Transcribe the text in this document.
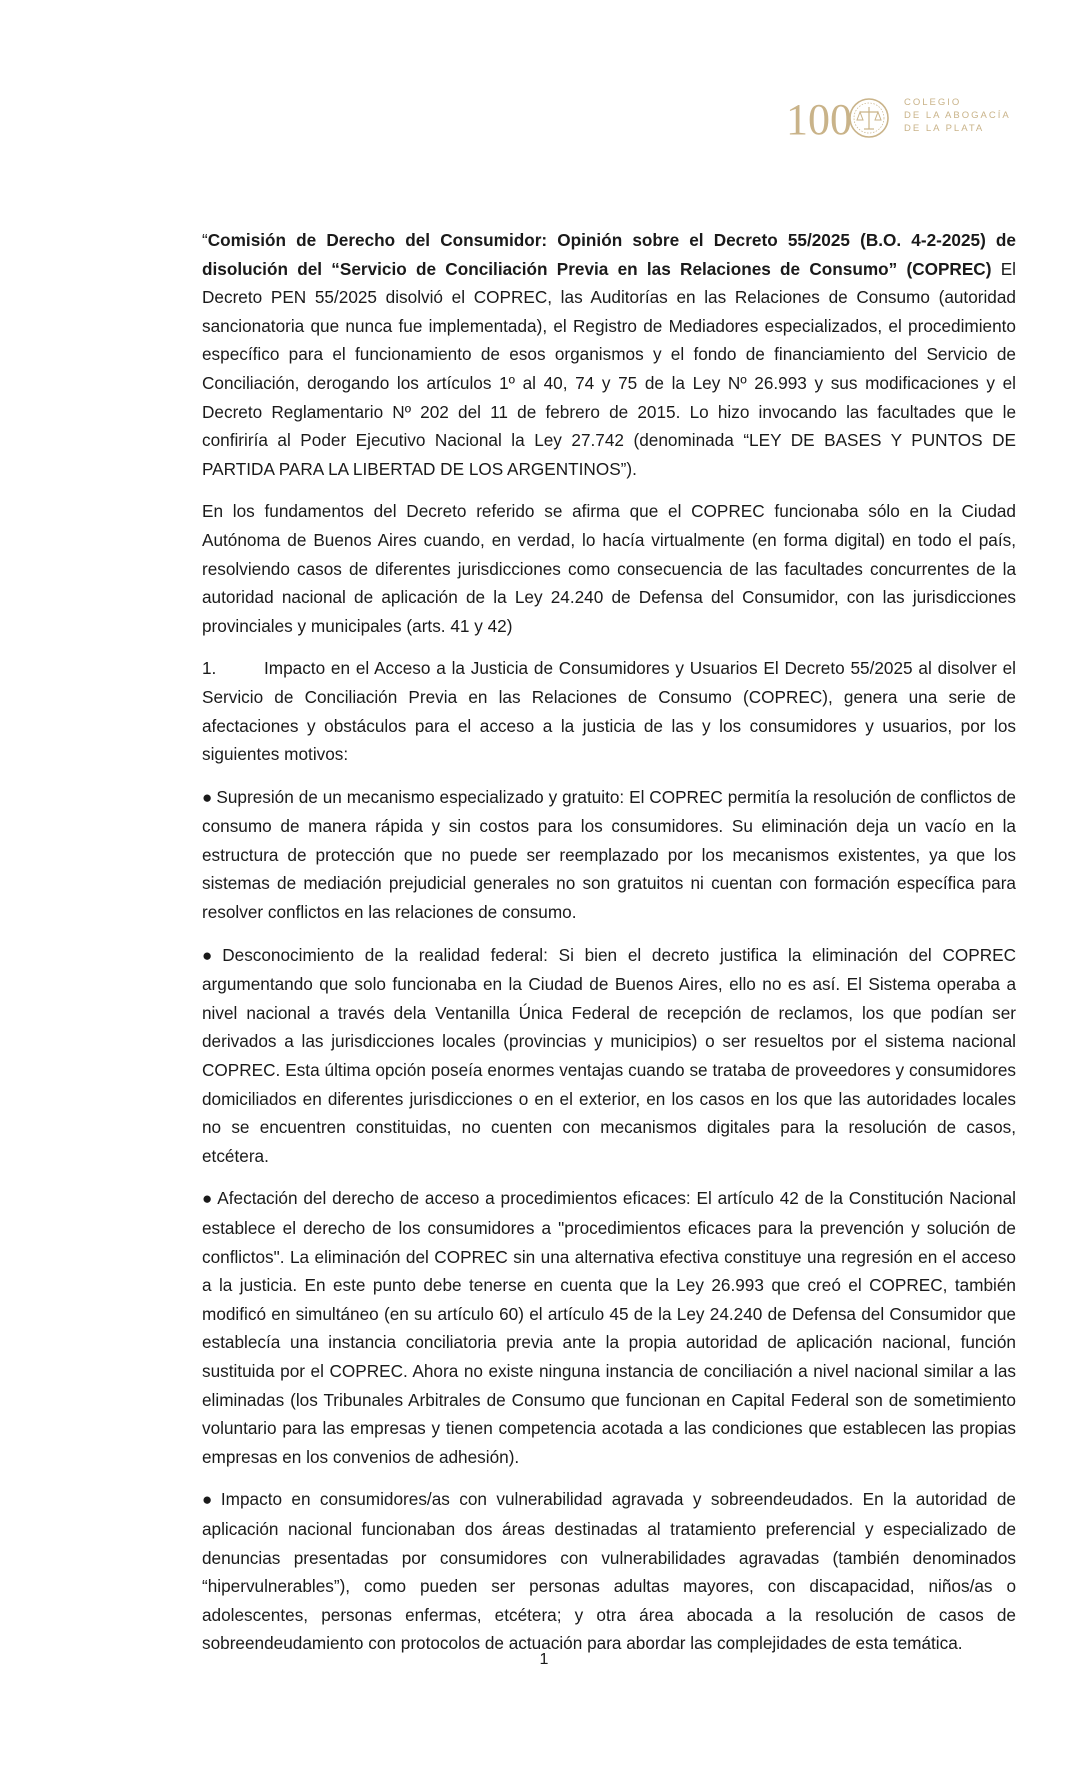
100	COLEGIO
DE LA ABOGACÍA
DE LA PLATA

“Comisión de Derecho del Consumidor: Opinión sobre el Decreto 55/2025 (B.O. 4-2-2025) de disolución del “Servicio de Conciliación Previa en las Relaciones de Consumo” (COPREC) El Decreto PEN 55/2025 disolvió el COPREC, las Auditorías en las Relaciones de Consumo (autoridad sancionatoria que nunca fue implementada), el Registro de Mediadores especializados, el procedimiento específico para el funcionamiento de esos organismos y el fondo de financiamiento del Servicio de Conciliación, derogando los artículos 1º al 40, 74 y 75 de la Ley Nº 26.993 y sus modificaciones y el Decreto Reglamentario Nº 202 del 11 de febrero de 2015. Lo hizo invocando las facultades que le confiriría al Poder Ejecutivo Nacional la Ley 27.742 (denominada “LEY DE BASES Y PUNTOS DE PARTIDA PARA LA LIBERTAD DE LOS ARGENTINOS”).

En los fundamentos del Decreto referido se afirma que el COPREC funcionaba sólo en la Ciudad Autónoma de Buenos Aires cuando, en verdad, lo hacía virtualmente (en forma digital) en todo el país, resolviendo casos de diferentes jurisdicciones como consecuencia de las facultades concurrentes de la autoridad nacional de aplicación de la Ley 24.240 de Defensa del Consumidor, con las jurisdicciones provinciales y municipales (arts. 41 y 42)

1.	Impacto en el Acceso a la Justicia de Consumidores y Usuarios El Decreto 55/2025 al disolver el Servicio de Conciliación Previa en las Relaciones de Consumo (COPREC), genera una serie de afectaciones y obstáculos para el acceso a la justicia de las y los consumidores y usuarios, por los siguientes motivos:

● Supresión de un mecanismo especializado y gratuito: El COPREC permitía la resolución de conflictos de consumo de manera rápida y sin costos para los consumidores. Su eliminación deja un vacío en la estructura de protección que no puede ser reemplazado por los mecanismos existentes, ya que los sistemas de mediación prejudicial generales no son gratuitos ni cuentan con formación específica para resolver conflictos en las relaciones de consumo.

● Desconocimiento de la realidad federal: Si bien el decreto justifica la eliminación del COPREC argumentando que solo funcionaba en la Ciudad de Buenos Aires, ello no es así. El Sistema operaba a nivel nacional a través dela Ventanilla Única Federal de recepción de reclamos, los que podían ser derivados a las jurisdicciones locales (provincias y municipios) o ser resueltos por el sistema nacional COPREC. Esta última opción poseía enormes ventajas cuando se trataba de proveedores y consumidores domiciliados en diferentes jurisdicciones o en el exterior, en los casos en los que las autoridades locales no se encuentren constituidas, no cuenten con mecanismos digitales para la resolución de casos, etcétera.

● Afectación del derecho de acceso a procedimientos eficaces: El artículo 42 de la Constitución Nacional establece el derecho de los consumidores a "procedimientos eficaces para la prevención y solución de conflictos". La eliminación del COPREC sin una alternativa efectiva constituye una regresión en el acceso a la justicia. En este punto debe tenerse en cuenta que la Ley 26.993 que creó el COPREC, también modificó en simultáneo (en su artículo 60) el artículo 45 de la Ley 24.240 de Defensa del Consumidor que establecía una instancia conciliatoria previa ante la propia autoridad de aplicación nacional, función sustituida por el COPREC. Ahora no existe ninguna instancia de conciliación a nivel nacional similar a las eliminadas (los Tribunales Arbitrales de Consumo que funcionan en Capital Federal son de sometimiento voluntario para las empresas y tienen competencia acotada a las condiciones que establecen las propias empresas en los convenios de adhesión).

● Impacto en consumidores/as con vulnerabilidad agravada y sobreendeudados. En la autoridad de aplicación nacional funcionaban dos áreas destinadas al tratamiento preferencial y especializado de denuncias presentadas por consumidores con vulnerabilidades agravadas (también denominados “hipervulnerables”), como pueden ser personas adultas mayores, con discapacidad, niños/as o adolescentes, personas enfermas, etcétera; y otra área abocada a la resolución de casos de sobreendeudamiento con protocolos de actuación para abordar las complejidades de esta temática.

1
